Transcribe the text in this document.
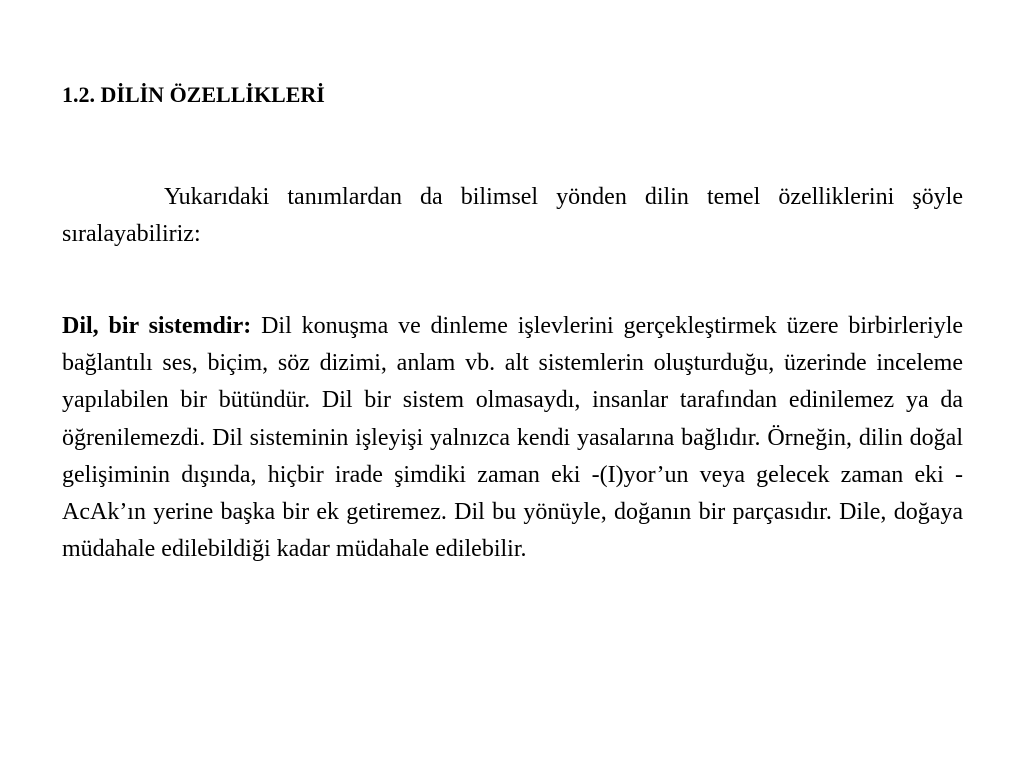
1.2. DİLİN ÖZELLİKLERİ

Yukarıdaki tanımlardan da bilimsel yönden dilin temel özelliklerini şöyle sıralayabiliriz:

Dil, bir sistemdir: Dil konuşma ve dinleme işlevlerini gerçekleştirmek üzere birbirleriyle bağlantılı ses, biçim, söz dizimi, anlam vb. alt sistemlerin oluşturduğu, üzerinde inceleme yapılabilen bir bütündür. Dil bir sistem olmasaydı, insanlar tarafından edinilemez ya da öğrenilemezdi. Dil sisteminin işleyişi yalnızca kendi yasalarına bağlıdır. Örneğin, dilin doğal gelişiminin dışında, hiçbir irade şimdiki zaman eki -(I)yor’un veya gelecek zaman eki -AcAk’ın yerine başka bir ek getiremez. Dil bu yönüyle, doğanın bir parçasıdır. Dile, doğaya müdahale edilebildiği kadar müdahale edilebilir.
